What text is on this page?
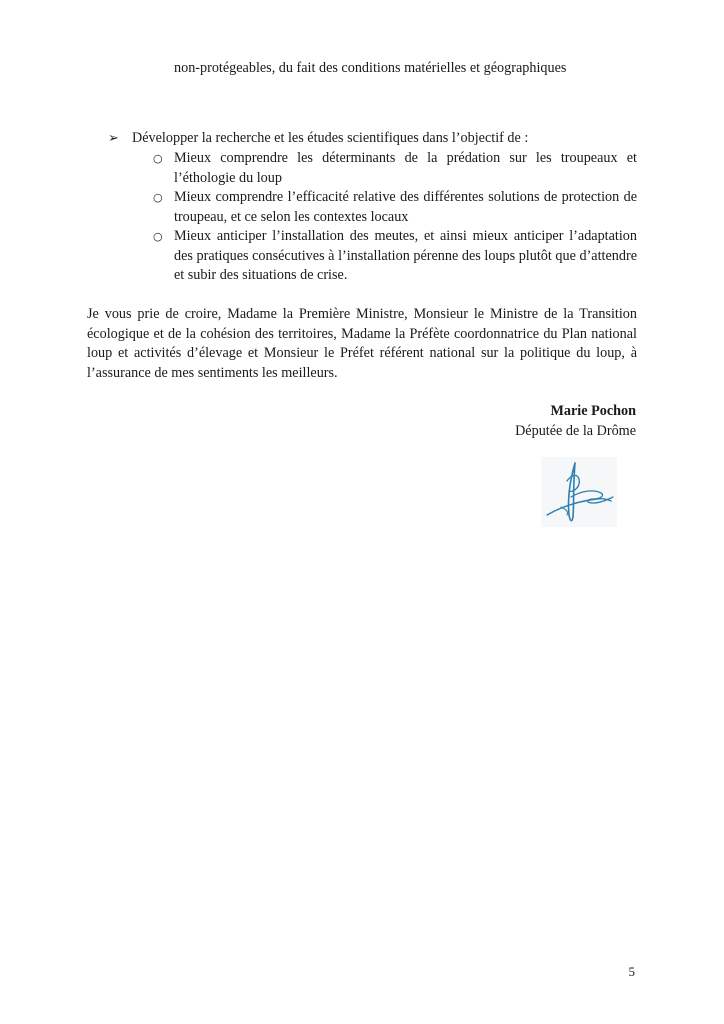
non-protégeables, du fait des conditions matérielles et géographiques
➢ Développer la recherche et les études scientifiques dans l’objectif de :
○ Mieux comprendre les déterminants de la prédation sur les troupeaux et l’éthologie du loup
○ Mieux comprendre l’efficacité relative des différentes solutions de protection de troupeau, et ce selon les contextes locaux
○ Mieux anticiper l’installation des meutes, et ainsi mieux anticiper l’adaptation des pratiques consécutives à l’installation pérenne des loups plutôt que d’attendre et subir des situations de crise.
Je vous prie de croire, Madame la Première Ministre, Monsieur le Ministre de la Transition écologique et de la cohésion des territoires, Madame la Préfète coordonnatrice du Plan national loup et activités d’élevage et Monsieur le Préfet référent national sur la politique du loup, à l’assurance de mes sentiments les meilleurs.
Marie Pochon
Députée de la Drôme
5
